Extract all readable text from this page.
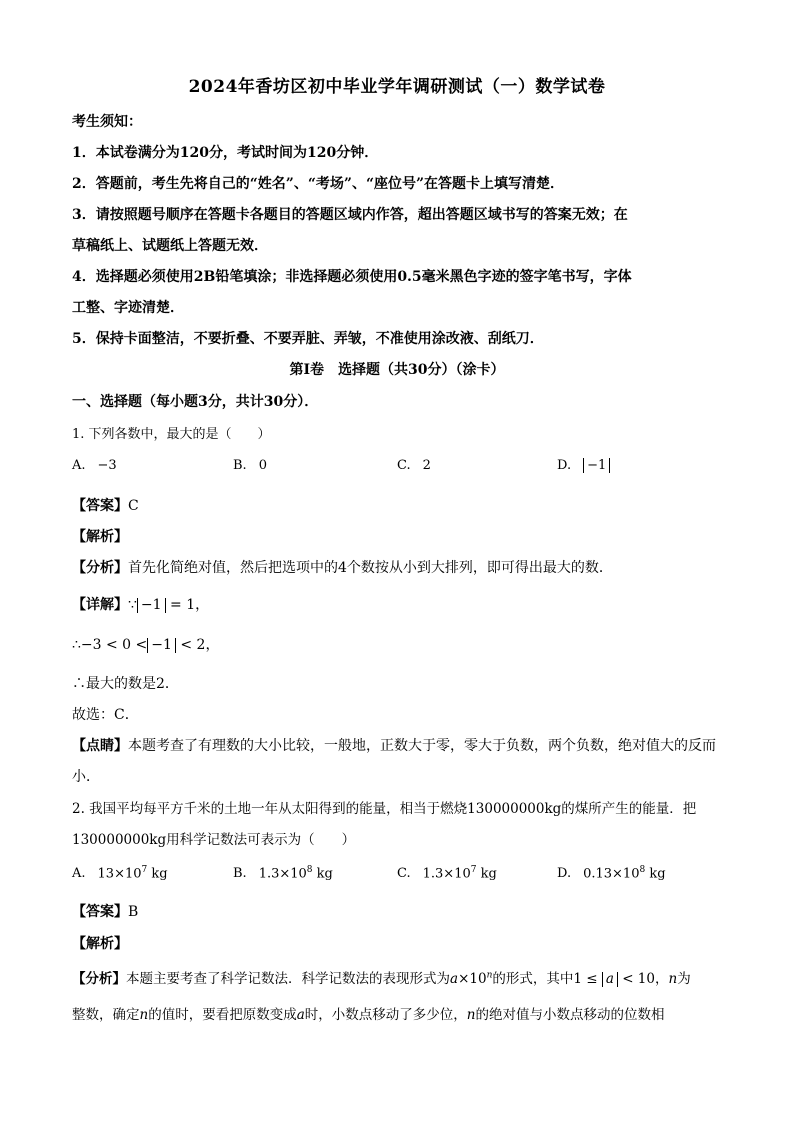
2024年香坊区初中毕业学年调研测试（一）数学试卷
考生须知：
1．本试卷满分为120分，考试时间为120分钟．
2．答题前，考生先将自己的“姓名”、“考场”、“座位号”在答题卡上填写清楚．
3．请按照题号顺序在答题卡各题目的答题区域内作答，超出答题区域书写的答案无效；在
草稿纸上、试题纸上答题无效．
4．选择题必须使用2B铅笔填涂；非选择题必须使用0.5毫米黑色字迹的签字笔书写，字体
工整、字迹清楚．
5．保持卡面整洁，不要折叠、不要弄脏、弄皱，不准使用涂改液、刮纸刀．
第Ⅰ卷　选择题（共30分）（涂卡）
一、选择题（每小题3分，共计30分）．
1. 下列各数中，最大的是（　　）
A. −3	B. 0	C. 2	D. −1
【答案】C
【解析】
【分析】首先化简绝对值，然后把选项中的4个数按从小到大排列，即可得出最大的数．
【详解】∵ −1 = 1，
∴−3 < 0 < −1 < 2，
∴最大的数是2．
故选：C．
【点睛】本题考查了有理数的大小比较，一般地，正数大于零，零大于负数，两个负数，绝对值大的反而
小．
2. 我国平均每平方千米的土地一年从太阳得到的能量，相当于燃烧130000000kg的煤所产生的能量．把
130000000kg用科学记数法可表示为（　　）
A. $13\times 10^7$ kg	B. $1.3\times 10^8$ kg	C. $1.3\times 10^7$ kg	D. $0.13\times 10^8$ kg
【答案】B
【解析】
【分析】本题主要考查了科学记数法．科学记数法的表现形式为$a\times 10^n$的形式，其中1 ≤ a < 10，n为
整数，确定n的值时，要看把原数变成a时，小数点移动了多少位，n的绝对值与小数点移动的位数相
